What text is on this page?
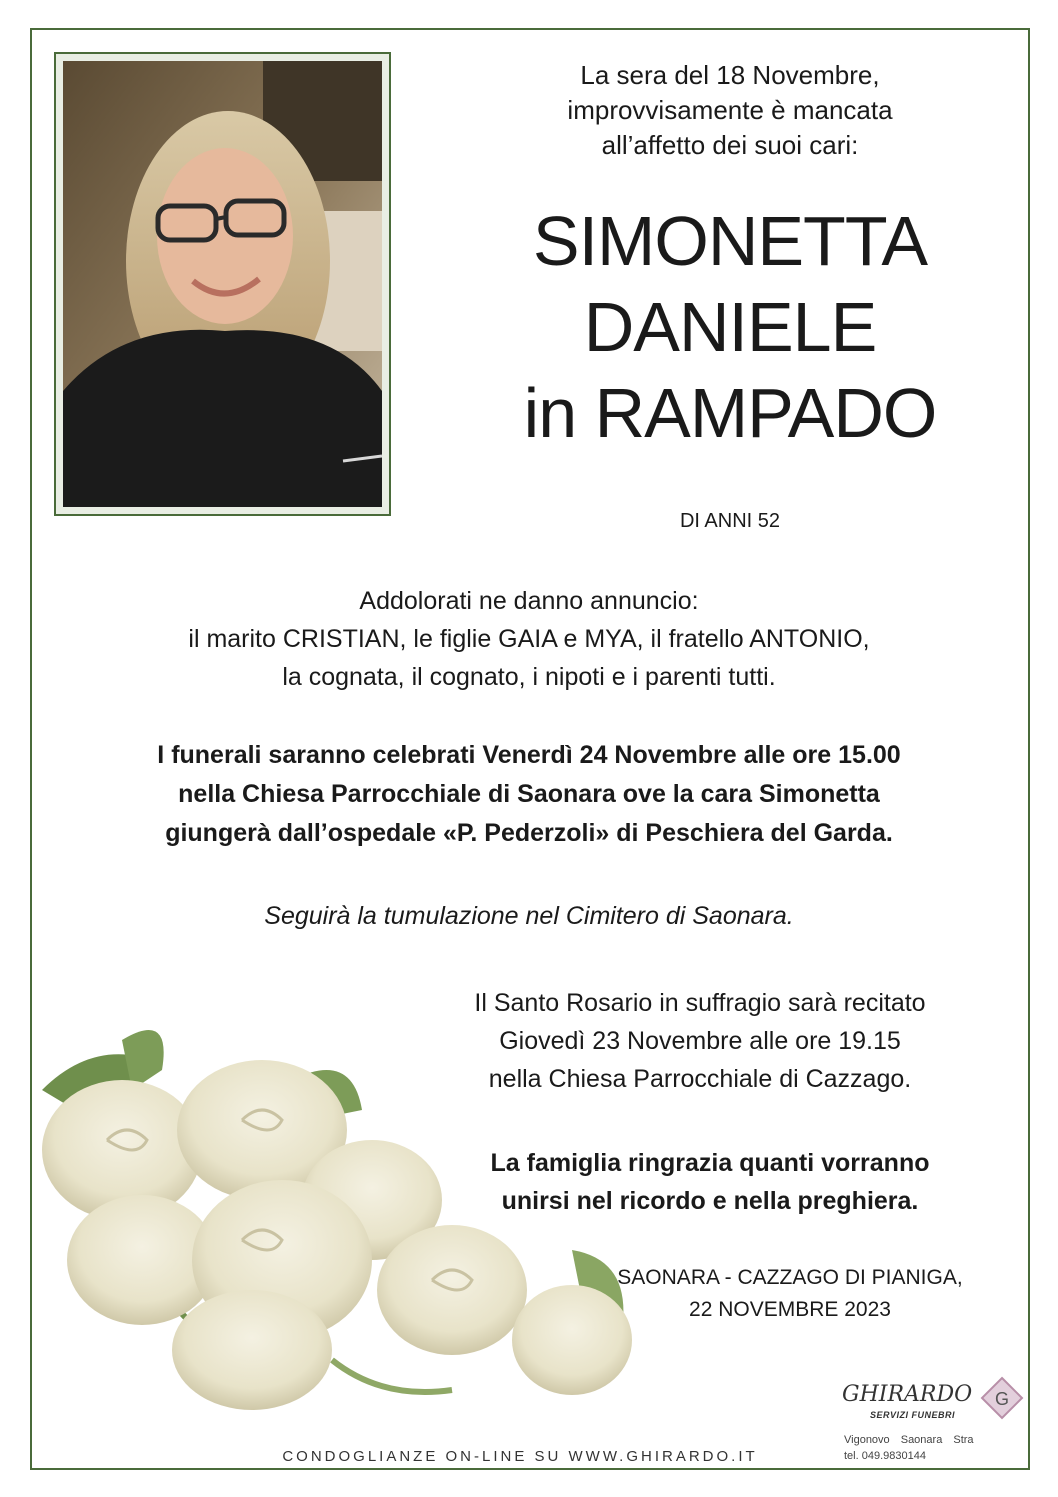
La sera del 18 Novembre,
improvvisamente è mancata
all’affetto dei suoi cari:
SIMONETTA
DANIELE
in RAMPADO
DI ANNI 52
Addolorati ne danno annuncio:
il marito CRISTIAN, le figlie GAIA e MYA, il fratello ANTONIO,
la cognata, il cognato, i nipoti e i parenti tutti.
I funerali saranno celebrati Venerdì 24 Novembre alle ore 15.00
nella Chiesa Parrocchiale di Saonara ove la cara Simonetta
giungerà dall’ospedale «P. Pederzoli» di Peschiera del Garda.
Seguirà la tumulazione nel Cimitero di Saonara.
Il Santo Rosario in suffragio sarà recitato
Giovedì 23 Novembre alle ore 19.15
nella Chiesa Parrocchiale di Cazzago.
La famiglia ringrazia quanti vorranno
unirsi nel ricordo e nella preghiera.
SAONARA - CAZZAGO DI PIANIGA,
22 NOVEMBRE 2023
CONDOGLIANZE ON-LINE SU WWW.GHIRARDO.IT
GHIRARDO
SERVIZI FUNEBRI
G
Vigonovo Saonara Stra
tel. 049.9830144
